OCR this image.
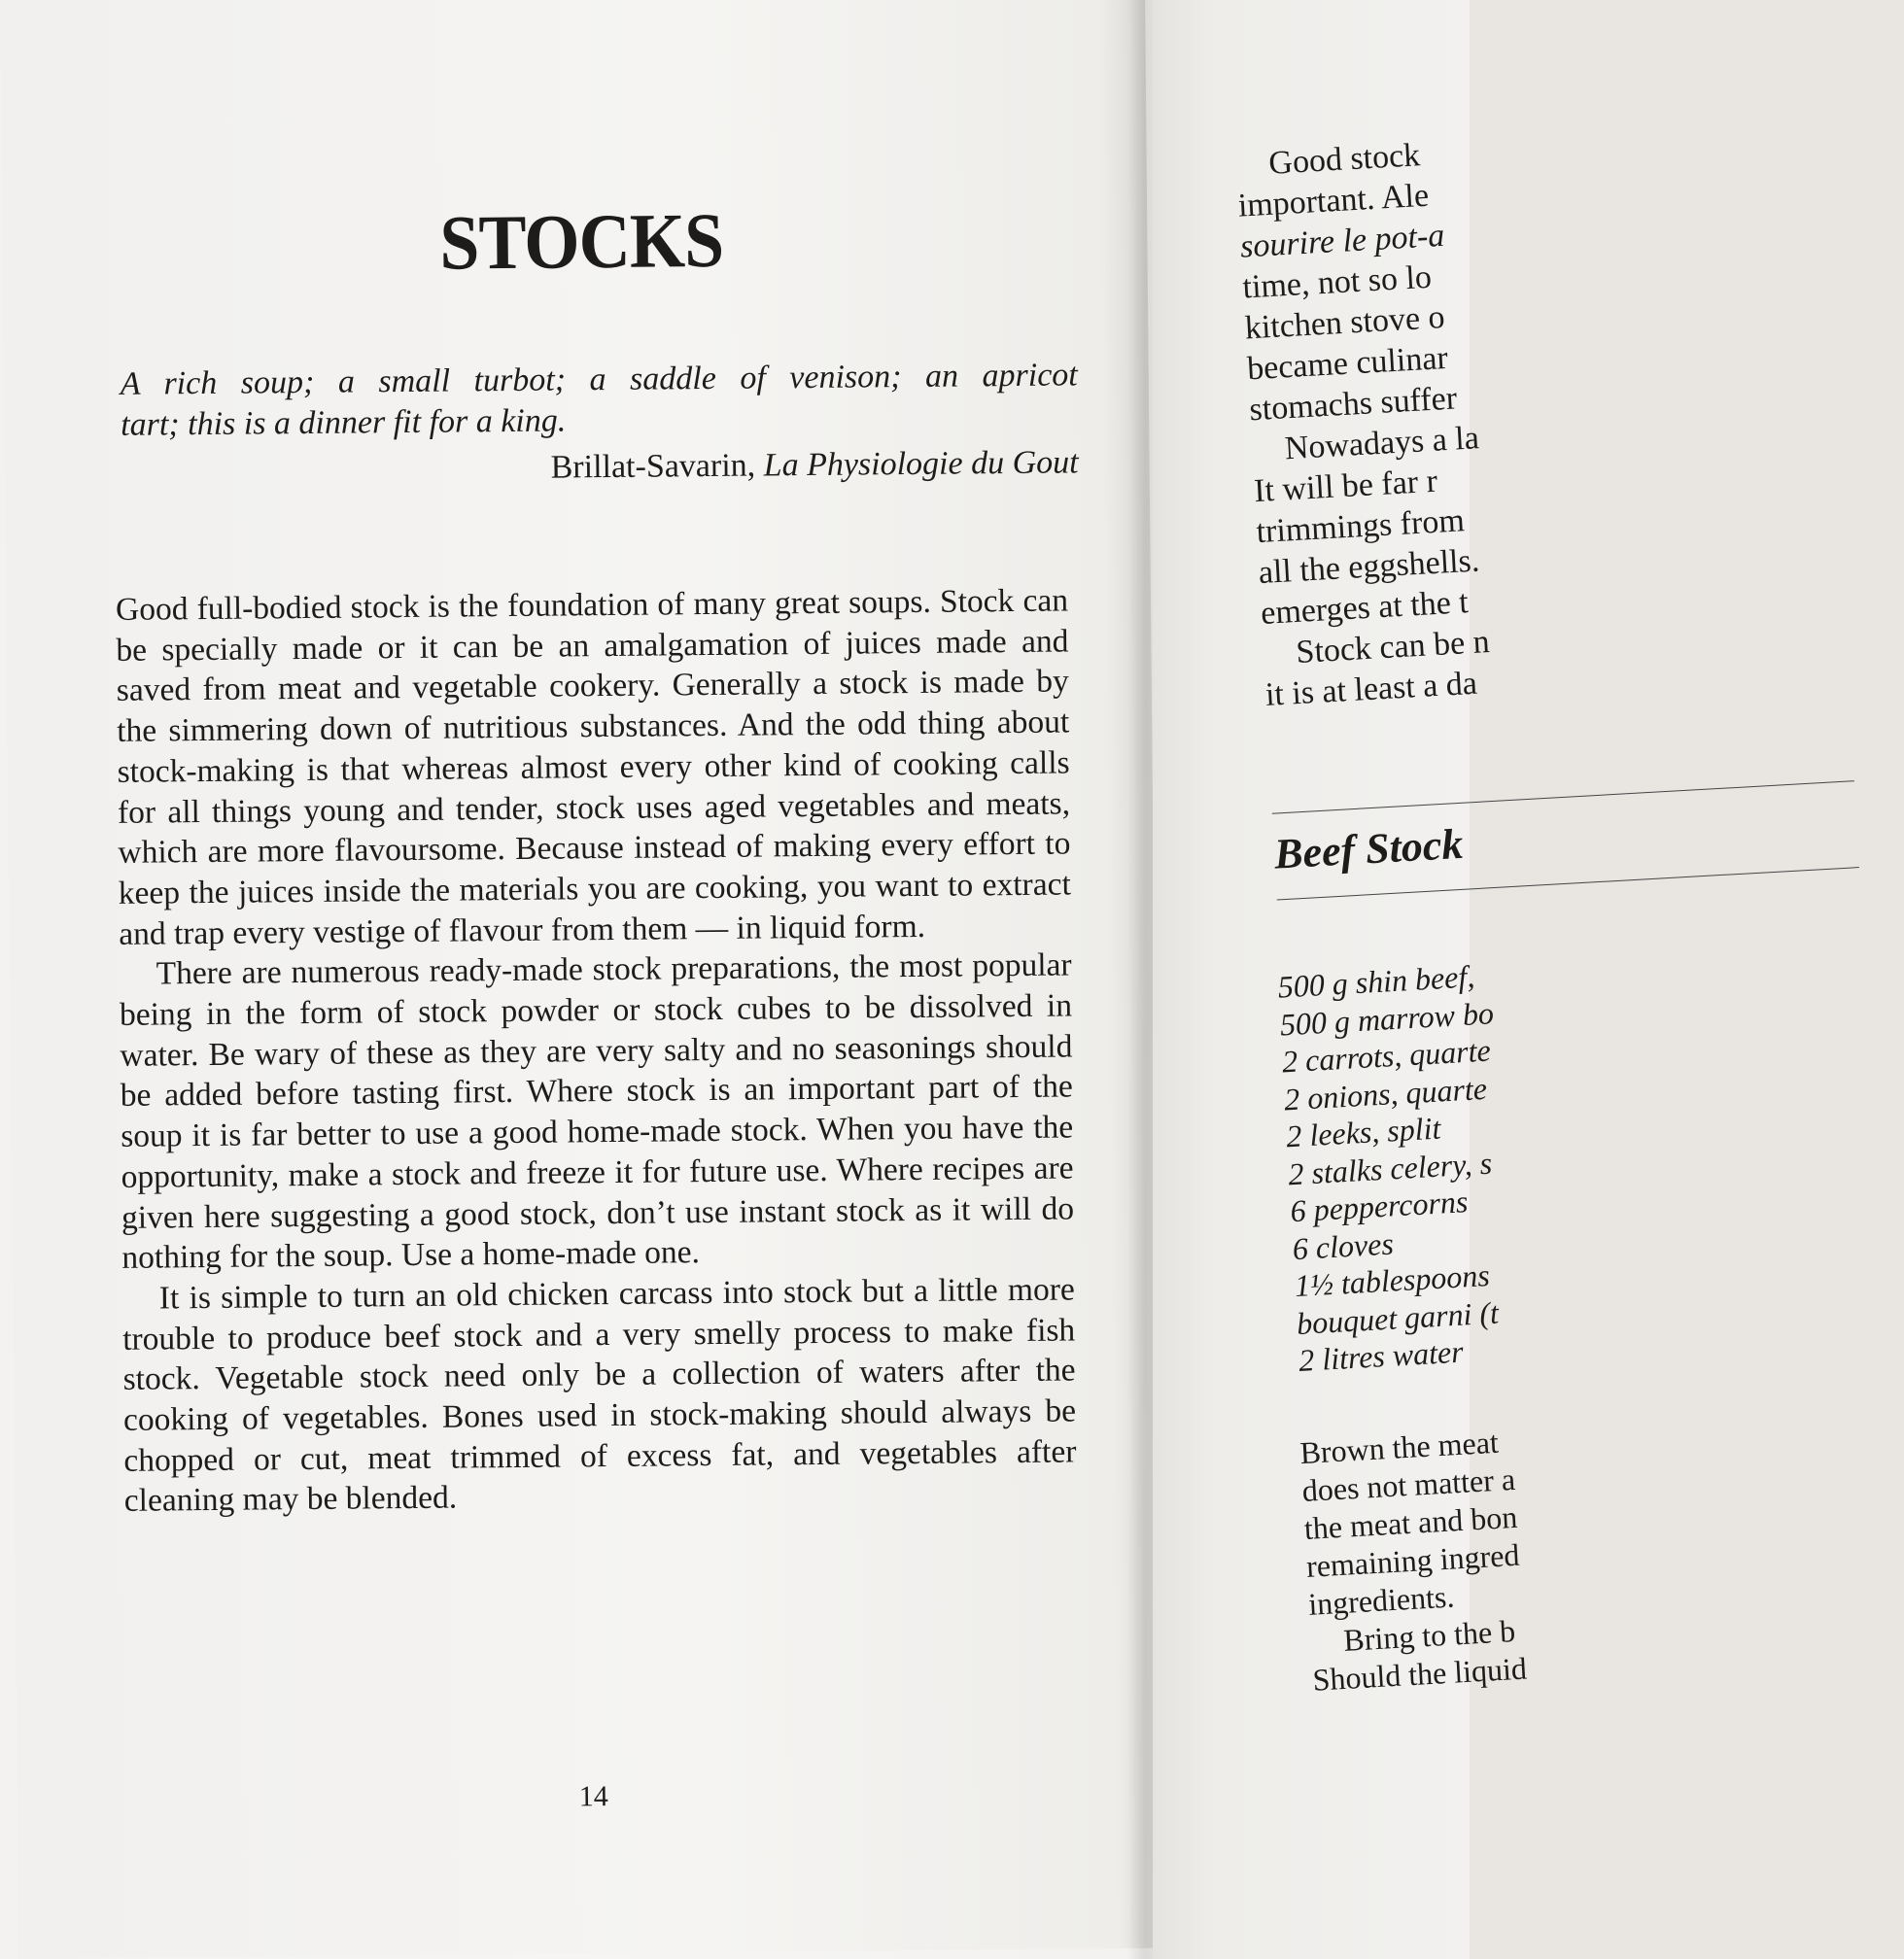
STOCKS
A rich soup; a small turbot; a saddle of venison; an apricot
tart; this is a dinner fit for a king.
Brillat-Savarin, La Physiologie du Gout

Good full-bodied stock is the foundation of many great soups. Stock can be specially made or it can be an amalgamation of juices made and saved from meat and vegetable cookery. Generally a stock is made by the simmering down of nutritious substances. And the odd thing about stock-making is that whereas almost every other kind of cooking calls for all things young and tender, stock uses aged vegetables and meats, which are more flavoursome. Because instead of making every effort to keep the juices inside the materials you are cooking, you want to extract and trap every vestige of flavour from them — in liquid form.

There are numerous ready-made stock preparations, the most popular being in the form of stock powder or stock cubes to be dissolved in water. Be wary of these as they are very salty and no seasonings should be added before tasting first. Where stock is an important part of the soup it is far better to use a good home-made stock. When you have the opportunity, make a stock and freeze it for future use. Where recipes are given here suggesting a good stock, don’t use instant stock as it will do nothing for the soup. Use a home-made one.

It is simple to turn an old chicken carcass into stock but a little more trouble to produce beef stock and a very smelly process to make fish stock. Vegetable stock need only be a collection of waters after the cooking of vegetables. Bones used in stock-making should always be chopped or cut, meat trimmed of excess fat, and vegetables after cleaning may be blended.

14
Good stock
important. Ale
sourire le pot-a
time, not so lo
kitchen stove o
became culinar
stomachs suffer
Nowadays a la
It will be far r
trimmings from
all the eggshells.
emerges at the t
Stock can be n
it is at least a da
Beef Stock
500 g shin beef,
500 g marrow bo
2 carrots, quarte
2 onions, quarte
2 leeks, split
2 stalks celery, s
6 peppercorns
6 cloves
1½ tablespoons
bouquet garni (t
2 litres water
Brown the meat
does not matter a
the meat and bon
remaining ingred
ingredients.
Bring to the b
Should the liquid
